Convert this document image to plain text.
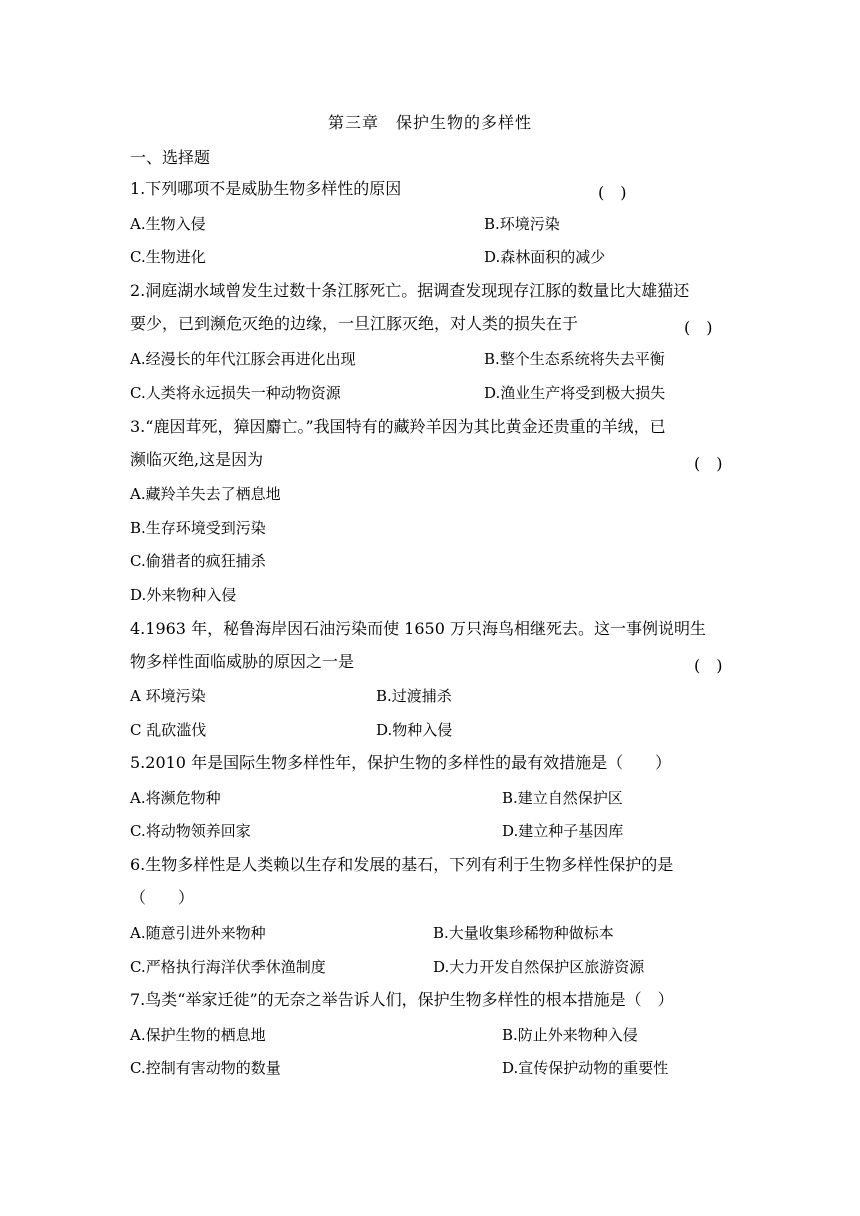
第三章　保护生物的多样性
一、选择题
1.下列哪项不是威胁生物多样性的原因	(　)
A.生物入侵	B.环境污染
C.生物进化	D.森林面积的减少
2.洞庭湖水域曾发生过数十条江豚死亡。据调查发现现存江豚的数量比大雄猫还
要少，已到濒危灭绝的边缘，一旦江豚灭绝，对人类的损失在于	(　)
A.经漫长的年代江豚会再进化出现	B.整个生态系统将失去平衡
C.人类将永远损失一种动物资源	D.渔业生产将受到极大损失
3.“鹿因茸死，獐因麝亡。”我国特有的藏羚羊因为其比黄金还贵重的羊绒，已
濒临灭绝,这是因为	(　)
A.藏羚羊失去了栖息地
B.生存环境受到污染
C.偷猎者的疯狂捕杀
D.外来物种入侵
4.1963 年，秘鲁海岸因石油污染而使 1650 万只海鸟相继死去。这一事例说明生
物多样性面临威胁的原因之一是	(　)
A 环境污染	B.过渡捕杀
C 乱砍滥伐	D.物种入侵
5.2010 年是国际生物多样性年，保护生物的多样性的最有效措施是（　　）
A.将濒危物种	B.建立自然保护区
C.将动物领养回家	D.建立种子基因库
6.生物多样性是人类赖以生存和发展的基石，下列有利于生物多样性保护的是
（　　）
A.随意引进外来物种	B.大量收集珍稀物种做标本
C.严格执行海洋伏季休渔制度	D.大力开发自然保护区旅游资源
7.鸟类“举家迁徙”的无奈之举告诉人们，保护生物多样性的根本措施是（　）
A.保护生物的栖息地	B.防止外来物种入侵
C.控制有害动物的数量	D.宣传保护动物的重要性
